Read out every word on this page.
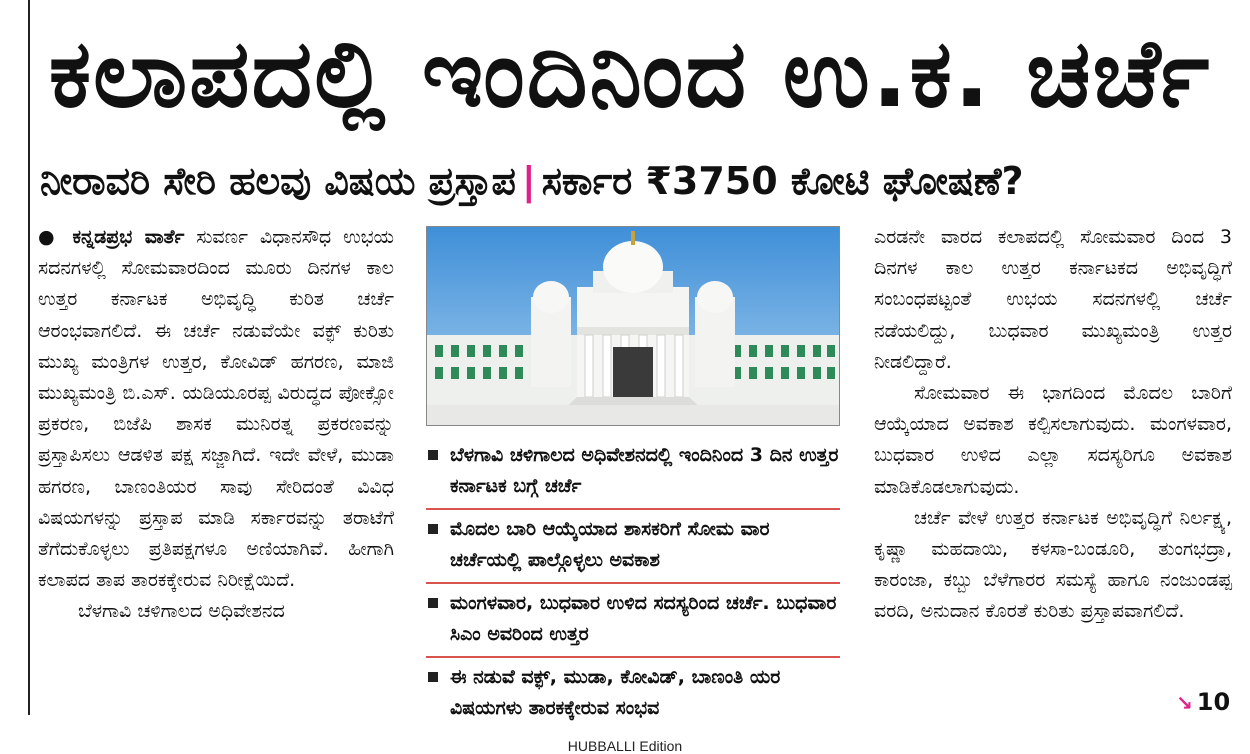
ಕಲಾಪದಲ್ಲಿ ಇಂದಿನಿಂದ ಉ.ಕ. ಚರ್ಚೆ
ನೀರಾವರಿ ಸೇರಿ ಹಲವು ವಿಷಯ ಪ್ರಸ್ತಾಪ | ಸರ್ಕಾರ ₹3750 ಕೋಟಿ ಘೋಷಣೆ?

● ಕನ್ನಡಪ್ರಭ ವಾರ್ತೆ ಸುವರ್ಣ ವಿಧಾನಸೌಧ ಉಭಯ ಸದನಗಳಲ್ಲಿ ಸೋಮವಾರದಿಂದ ಮೂರು ದಿನಗಳ ಕಾಲ ಉತ್ತರ ಕರ್ನಾಟಕ ಅಭಿವೃದ್ಧಿ ಕುರಿತ ಚರ್ಚೆ ಆರಂಭವಾಗಲಿದೆ. ಈ ಚರ್ಚೆ ನಡುವೆಯೇ ವಕ್ಫ್ ಕುರಿತು ಮುಖ್ಯ ಮಂತ್ರಿಗಳ ಉತ್ತರ, ಕೋವಿಡ್ ಹಗರಣ, ಮಾಜಿ ಮುಖ್ಯಮಂತ್ರಿ ಬಿ.ಎಸ್. ಯಡಿಯೂರಪ್ಪ ವಿರುದ್ಧದ ಪೋಕ್ಸೋ ಪ್ರಕರಣ, ಬಿಜೆಪಿ ಶಾಸಕ ಮುನಿರತ್ನ ಪ್ರಕರಣವನ್ನು ಪ್ರಸ್ತಾಪಿಸಲು ಆಡಳಿತ ಪಕ್ಷ ಸಜ್ಜಾಗಿದೆ. ಇದೇ ವೇಳೆ, ಮುಡಾ ಹಗರಣ, ಬಾಣಂತಿಯರ ಸಾವು ಸೇರಿದಂತೆ ವಿವಿಧ ವಿಷಯಗಳನ್ನು ಪ್ರಸ್ತಾಪ ಮಾಡಿ ಸರ್ಕಾರವನ್ನು ತರಾಟೆಗೆ ತೆಗೆದುಕೊಳ್ಳಲು ಪ್ರತಿಪಕ್ಷಗಳೂ ಅಣಿಯಾಗಿವೆ. ಹೀಗಾಗಿ ಕಲಾಪದ ತಾಪ ತಾರಕಕ್ಕೇರುವ ನಿರೀಕ್ಷೆಯಿದೆ.

ಬೆಳಗಾವಿ ಚಳಿಗಾಲದ ಅಧಿವೇಶನದ

ಬೆಳಗಾವಿ ಚಳಿಗಾಲದ ಅಧಿವೇಶನದಲ್ಲಿ ಇಂದಿನಿಂದ 3 ದಿನ ಉತ್ತರ ಕರ್ನಾಟಕ ಬಗ್ಗೆ ಚರ್ಚೆ
ಮೊದಲ ಬಾರಿ ಆಯ್ಕೆಯಾದ ಶಾಸಕರಿಗೆ ಸೋಮ ವಾರ ಚರ್ಚೆಯಲ್ಲಿ ಪಾಲ್ಗೊಳ್ಳಲು ಅವಕಾಶ
ಮಂಗಳವಾರ, ಬುಧವಾರ ಉಳಿದ ಸದಸ್ಯರಿಂದ ಚರ್ಚೆ. ಬುಧವಾರ ಸಿಎಂ ಅವರಿಂದ ಉತ್ತರ
ಈ ನಡುವೆ ವಕ್ಫ್, ಮುಡಾ, ಕೋವಿಡ್, ಬಾಣಂತಿ ಯರ ವಿಷಯಗಳು ತಾರಕಕ್ಕೇರುವ ಸಂಭವ

ಎರಡನೇ ವಾರದ ಕಲಾಪದಲ್ಲಿ ಸೋಮವಾರ ದಿಂದ 3 ದಿನಗಳ ಕಾಲ ಉತ್ತರ ಕರ್ನಾಟಕದ ಅಭಿವೃದ್ಧಿಗೆ ಸಂಬಂಧಪಟ್ಟಂತೆ ಉಭಯ ಸದನಗಳಲ್ಲಿ ಚರ್ಚೆ ನಡೆಯಲಿದ್ದು, ಬುಧವಾರ ಮುಖ್ಯಮಂತ್ರಿ ಉತ್ತರ ನೀಡಲಿದ್ದಾರೆ.

ಸೋಮವಾರ ಈ ಭಾಗದಿಂದ ಮೊದಲ ಬಾರಿಗೆ ಆಯ್ಕೆಯಾದ ಅವಕಾಶ ಕಲ್ಪಿಸಲಾಗುವುದು. ಮಂಗಳವಾರ, ಬುಧವಾರ ಉಳಿದ ಎಲ್ಲಾ ಸದಸ್ಯರಿಗೂ ಅವಕಾಶ ಮಾಡಿಕೊಡಲಾಗುವುದು.

ಚರ್ಚೆ ವೇಳೆ ಉತ್ತರ ಕರ್ನಾಟಕ ಅಭಿವೃದ್ಧಿಗೆ ನಿರ್ಲಕ್ಷ್ಯ, ಕೃಷ್ಣಾ ಮಹದಾಯಿ, ಕಳಸಾ-ಬಂಡೂರಿ, ತುಂಗಭದ್ರಾ, ಕಾರಂಜಾ, ಕಬ್ಬು ಬೆಳೆಗಾರರ ಸಮಸ್ಯೆ ಹಾಗೂ ನಂಜುಂಡಪ್ಪ ವರದಿ, ಅನುದಾನ ಕೊರತೆ ಕುರಿತು ಪ್ರಸ್ತಾಪವಾಗಲಿದೆ.

↘ 10
HUBBALLI Edition
